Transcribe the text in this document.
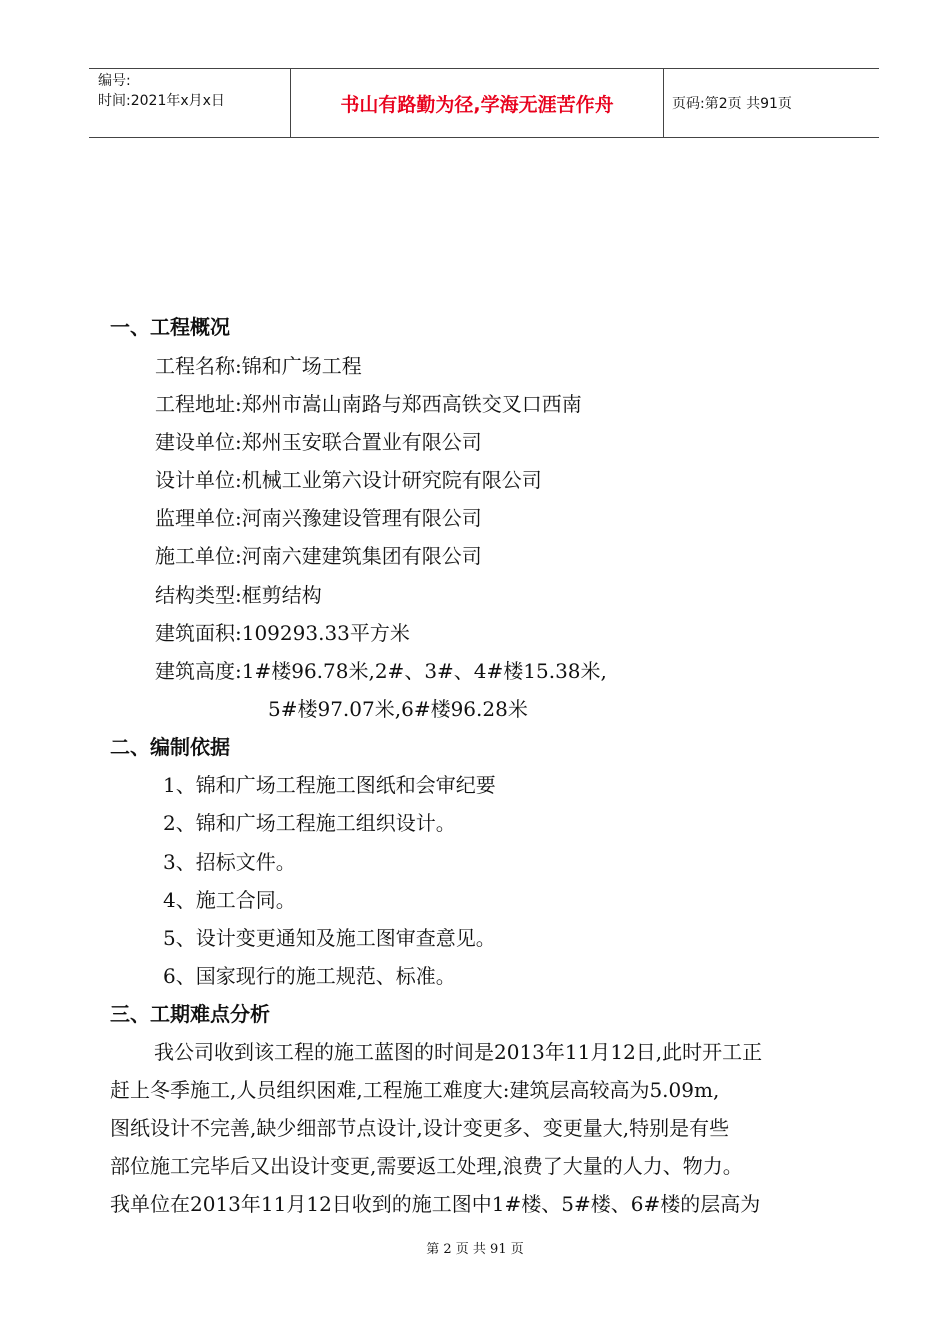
编号:
时间:2021年x月x日	书山有路勤为径,学海无涯苦作舟	页码:第2页 共91页
一、工程概况
工程名称:锦和广场工程
工程地址:郑州市嵩山南路与郑西高铁交叉口西南
建设单位:郑州玉安联合置业有限公司
设计单位:机械工业第六设计研究院有限公司
监理单位:河南兴豫建设管理有限公司
施工单位:河南六建建筑集团有限公司
结构类型:框剪结构
建筑面积:109293.33平方米
建筑高度:1#楼96.78米,2#、3#、4#楼15.38米,
5#楼97.07米,6#楼96.28米
二、编制依据
1、锦和广场工程施工图纸和会审纪要
2、锦和广场工程施工组织设计。
3、招标文件。
4、施工合同。
5、设计变更通知及施工图审查意见。
6、国家现行的施工规范、标准。
三、工期难点分析
我公司收到该工程的施工蓝图的时间是2013年11月12日,此时开工正
赶上冬季施工,人员组织困难,工程施工难度大:建筑层高较高为5.09m,
图纸设计不完善,缺少细部节点设计,设计变更多、变更量大,特别是有些
部位施工完毕后又出设计变更,需要返工处理,浪费了大量的人力、物力。
我单位在2013年11月12日收到的施工图中1#楼、5#楼、6#楼的层高为
第 2 页 共 91 页
